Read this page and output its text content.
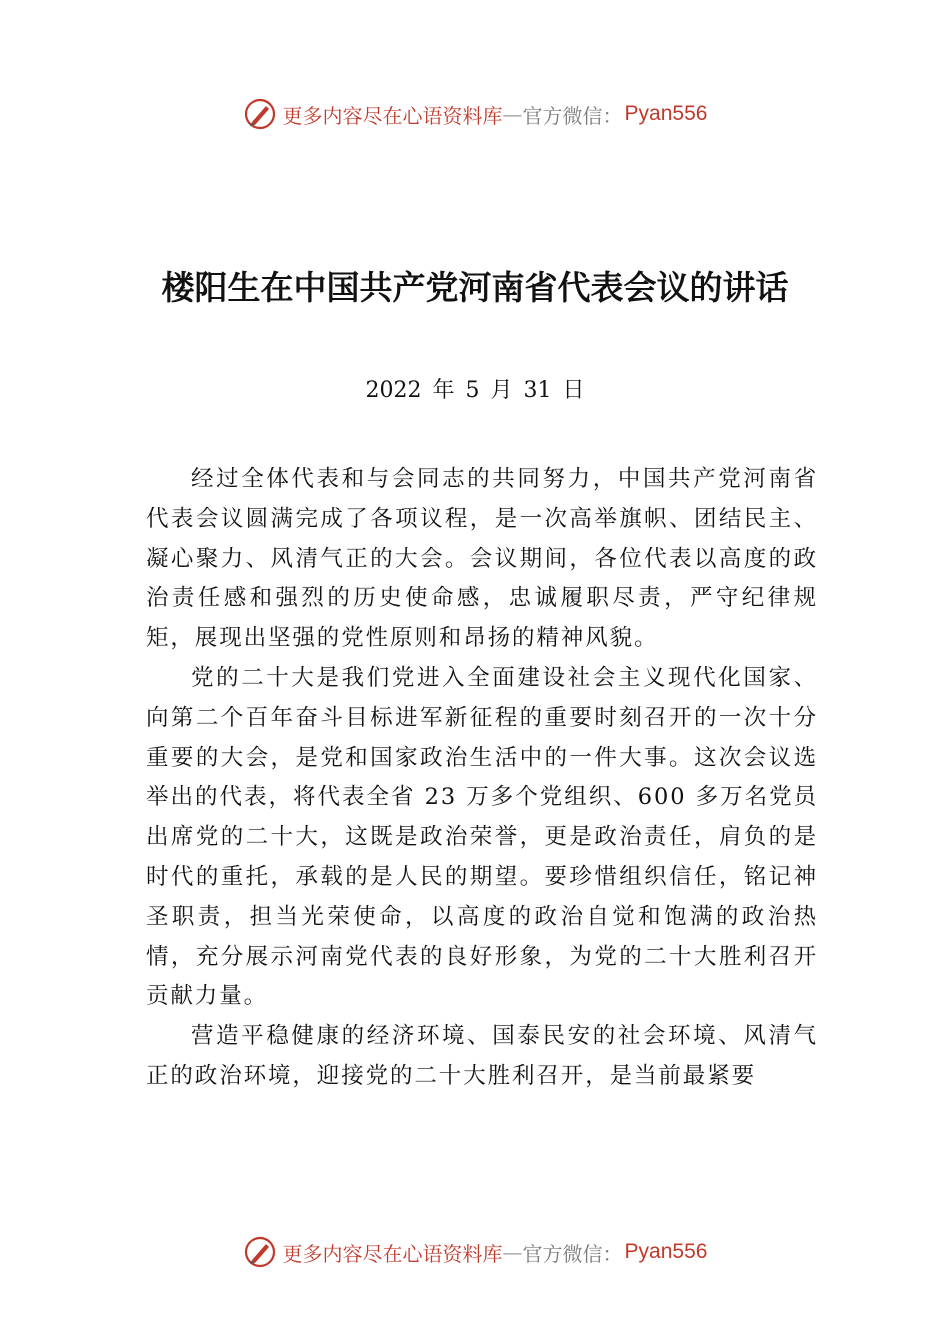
更多内容尽在心语资料库 — 官方微信： Pyan556
楼阳生在中国共产党河南省代表会议的讲话
2022 年 5 月 31 日

经过全体代表和与会同志的共同努力，中国共产党河南省代表会议圆满完成了各项议程，是一次高举旗帜、团结民主、凝心聚力、风清气正的大会。会议期间，各位代表以高度的政治责任感和强烈的历史使命感，忠诚履职尽责，严守纪律规矩，展现出坚强的党性原则和昂扬的精神风貌。

党的二十大是我们党进入全面建设社会主义现代化国家、向第二个百年奋斗目标进军新征程的重要时刻召开的一次十分重要的大会，是党和国家政治生活中的一件大事。这次会议选举出的代表，将代表全省 23 万多个党组织、600 多万名党员出席党的二十大，这既是政治荣誉，更是政治责任，肩负的是时代的重托，承载的是人民的期望。要珍惜组织信任，铭记神圣职责，担当光荣使命，以高度的政治自觉和饱满的政治热情，充分展示河南党代表的良好形象，为党的二十大胜利召开贡献力量。

营造平稳健康的经济环境、国泰民安的社会环境、风清气正的政治环境，迎接党的二十大胜利召开，是当前最紧要

更多内容尽在心语资料库 — 官方微信： Pyan556
